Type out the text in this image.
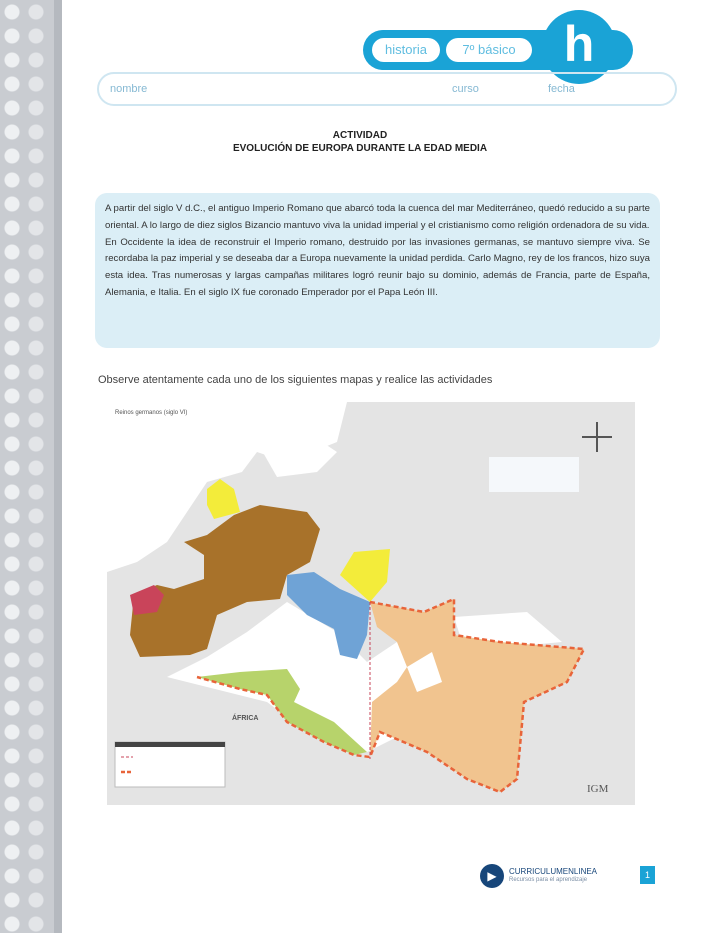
historia	7º básico h
nombre	curso	fecha
ACTIVIDAD
EVOLUCIÓN DE EUROPA DURANTE LA EDAD MEDIA

A partir del siglo V d.C., el antiguo Imperio Romano que abarcó toda la cuenca del mar Mediterráneo, quedó reducido a su parte oriental. A lo largo de diez siglos Bizancio mantuvo viva la unidad imperial y el cristianismo como religión ordenadora de su vida.

En Occidente la idea de reconstruir el Imperio romano, destruido por las invasiones germanas, se mantuvo siempre viva. Se recordaba la paz imperial y se deseaba dar a Europa nuevamente la unidad perdida. Carlo Magno, rey de los francos, hizo suya esta idea. Tras numerosas y largas campañas militares logró reunir bajo su dominio, además de Francia, parte de España, Alemania, e Italia. En el siglo IX fue coronado Emperador por el Papa León III.

Observe atentamente cada uno de los siguientes mapas y realice las actividades
Reinos germanos (siglo VI)
ÁFRICA
IGM
▶	CURRICULUMENLINEA
Recursos para el aprendizaje	1
